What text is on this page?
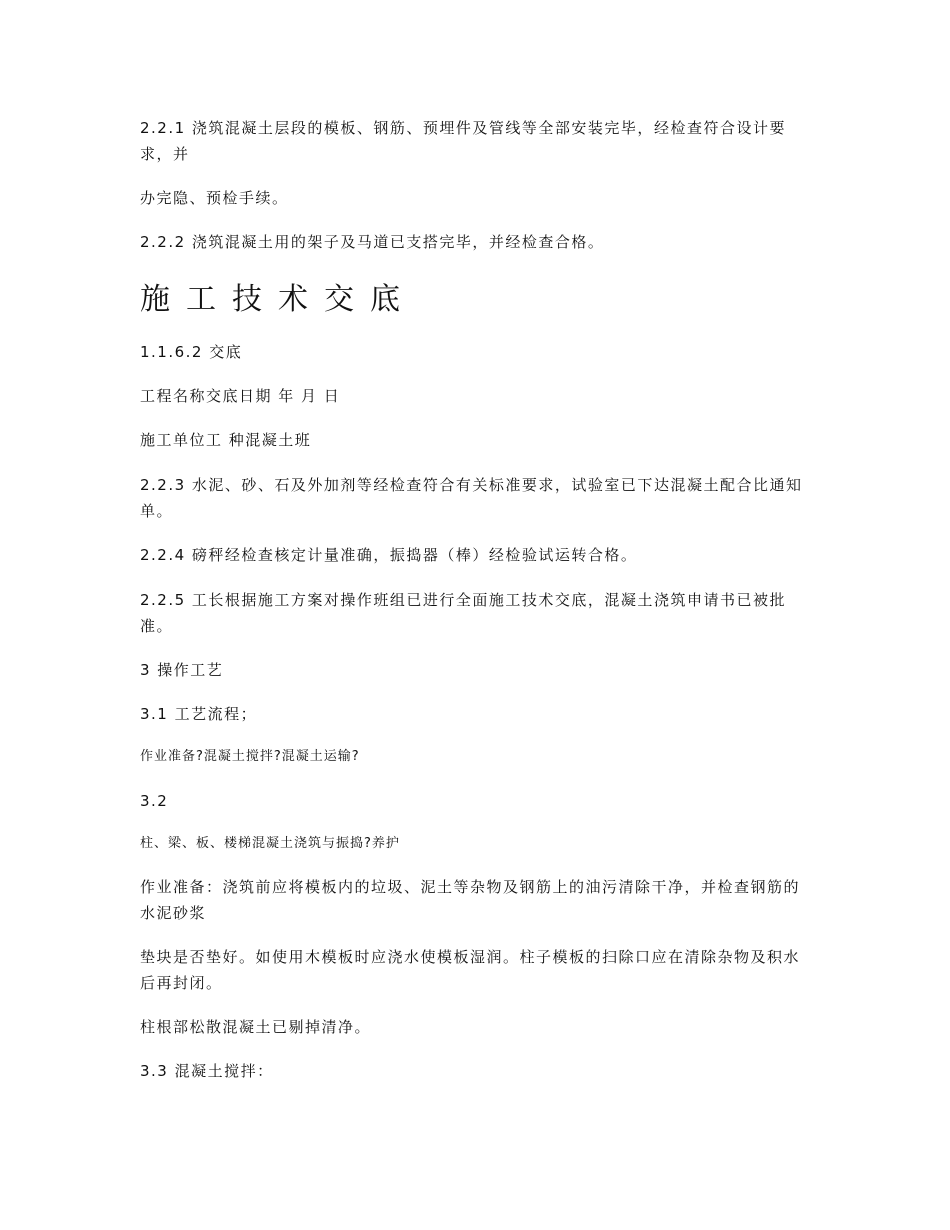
2.2.1 浇筑混凝土层段的模板、钢筋、预埋件及管线等全部安装完毕，经检查符合设计要求，并
办完隐、预检手续。
2.2.2 浇筑混凝土用的架子及马道已支搭完毕，并经检查合格。
施工技术交底
1.1.6.2 交底
工程名称交底日期 年 月 日
施工单位工 种混凝土班
2.2.3 水泥、砂、石及外加剂等经检查符合有关标准要求，试验室已下达混凝土配合比通知单。
2.2.4 磅秤经检查核定计量准确，振捣器（棒）经检验试运转合格。
2.2.5 工长根据施工方案对操作班组已进行全面施工技术交底，混凝土浇筑申请书已被批准。
3 操作工艺
3.1 工艺流程；
作业准备?混凝土搅拌?混凝土运输?
3.2
柱、梁、板、楼梯混凝土浇筑与振捣?养护
作业准备：浇筑前应将模板内的垃圾、泥土等杂物及钢筋上的油污清除干净，并检查钢筋的水泥砂浆
垫块是否垫好。如使用木模板时应浇水使模板湿润。柱子模板的扫除口应在清除杂物及积水后再封闭。
柱根部松散混凝土已剔掉清净。
3.3 混凝土搅拌：
